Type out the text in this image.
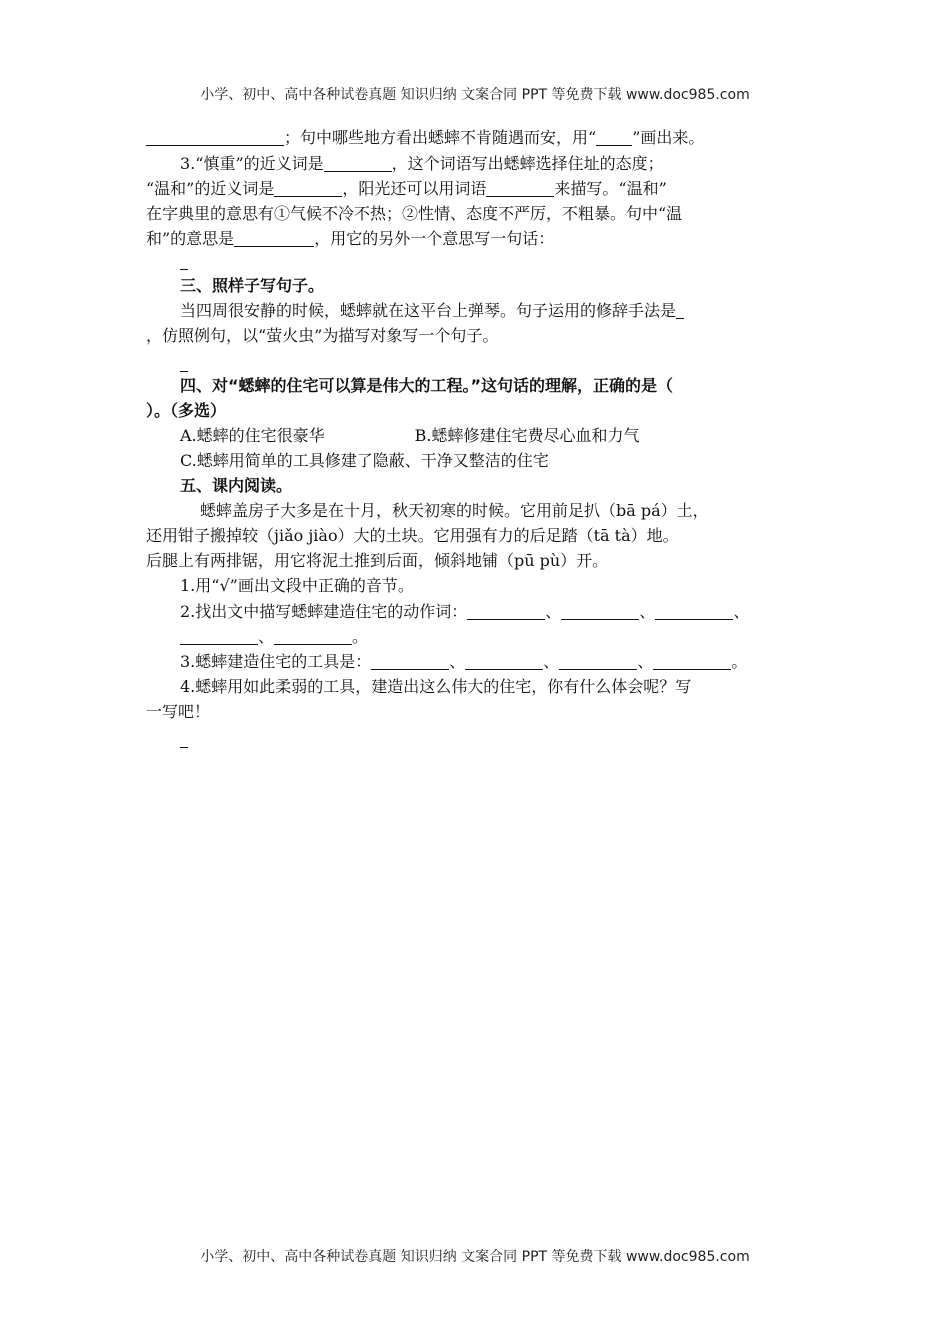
小学、初中、高中各种试卷真题 知识归纳 文案合同 PPT 等免费下载 www.doc985.com
；句中哪些地方看出蟋蟀不肯随遇而安，用“ ”画出来。
3.“慎重”的近义词是	，这个词语写出蟋蟀选择住址的态度；
“温和”的近义词是	，阳光还可以用词语	来描写。“温和”
在字典里的意思有①气候不冷不热；②性情、态度不严厉，不粗暴。句中“温
和”的意思是	，用它的另外一个意思写一句话：
三、照样子写句子。
当四周很安静的时候，蟋蟀就在这平台上弹琴。句子运用的修辞手法是
，仿照例句，以“萤火虫”为描写对象写一个句子。
四、对“蟋蟀的住宅可以算是伟大的工程。”这句话的理解，正确的是（
）。（多选）
A.蟋蟀的住宅很豪华	B.蟋蟀修建住宅费尽心血和力气
C.蟋蟀用简单的工具修建了隐蔽、干净又整洁的住宅
五、课内阅读。
蟋蟀盖房子大多是在十月，秋天初寒的时候。它用前足扒（bā pá）土，
还用钳子搬掉较（jiǎo jiào）大的土块。它用强有力的后足踏（tā tà）地。
后腿上有两排锯，用它将泥土推到后面，倾斜地铺（pū pù）开。
1.用“√”画出文段中正确的音节。
2.找出文中描写蟋蟀建造住宅的动作词：	、	、	、
、	。
3.蟋蟀建造住宅的工具是：	、	、	、	。
4.蟋蟀用如此柔弱的工具，建造出这么伟大的住宅，你有什么体会呢？写
一写吧！
小学、初中、高中各种试卷真题 知识归纳 文案合同 PPT 等免费下载 www.doc985.com
